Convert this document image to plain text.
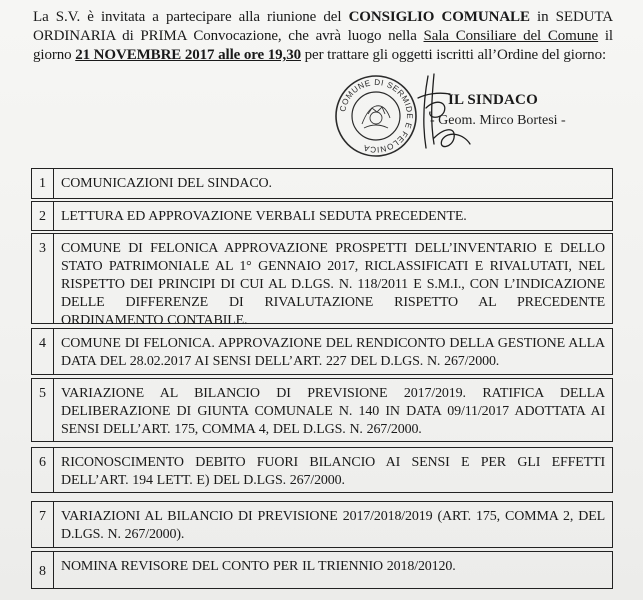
La S.V. è invitata a partecipare alla riunione del CONSIGLIO COMUNALE in SEDUTA ORDINARIA di PRIMA Convocazione, che avrà luogo nella Sala Consiliare del Comune il giorno 21 NOVEMBRE 2017 alle ore 19,30 per trattare gli oggetti iscritti all’Ordine del giorno:
COMUNE DI SERMIDE E FELONICA
IL SINDACO
- Geom. Mirco Bortesi -
1	COMUNICAZIONI DEL SINDACO.
2	LETTURA ED APPROVAZIONE VERBALI SEDUTA PRECEDENTE.
3	COMUNE DI FELONICA APPROVAZIONE PROSPETTI DELL’INVENTARIO E DELLO STATO PATRIMONIALE AL 1° GENNAIO 2017, RICLASSIFICATI E RIVALUTATI, NEL RISPETTO DEI PRINCIPI DI CUI AL D.LGS. N. 118/2011 E S.M.I., CON L’INDICAZIONE DELLE DIFFERENZE DI RIVALUTAZIONE RISPETTO AL PRECEDENTE ORDINAMENTO CONTABILE.
4	COMUNE DI FELONICA. APPROVAZIONE DEL RENDICONTO DELLA GESTIONE ALLA DATA DEL 28.02.2017 AI SENSI DELL’ART. 227 DEL D.LGS. N. 267/2000.
5	VARIAZIONE AL BILANCIO DI PREVISIONE 2017/2019. RATIFICA DELLA DELIBERAZIONE DI GIUNTA COMUNALE N. 140 IN DATA 09/11/2017 ADOTTATA AI SENSI DELL’ART. 175, COMMA 4, DEL D.LGS. N. 267/2000.
6	RICONOSCIMENTO DEBITO FUORI BILANCIO AI SENSI E PER GLI EFFETTI DELL’ART. 194 LETT. E) DEL D.LGS. 267/2000.
7	VARIAZIONI AL BILANCIO DI PREVISIONE 2017/2018/2019 (ART. 175, COMMA 2, DEL D.LGS. N. 267/2000).
8	NOMINA REVISORE DEL CONTO PER IL TRIENNIO 2018/20120.
